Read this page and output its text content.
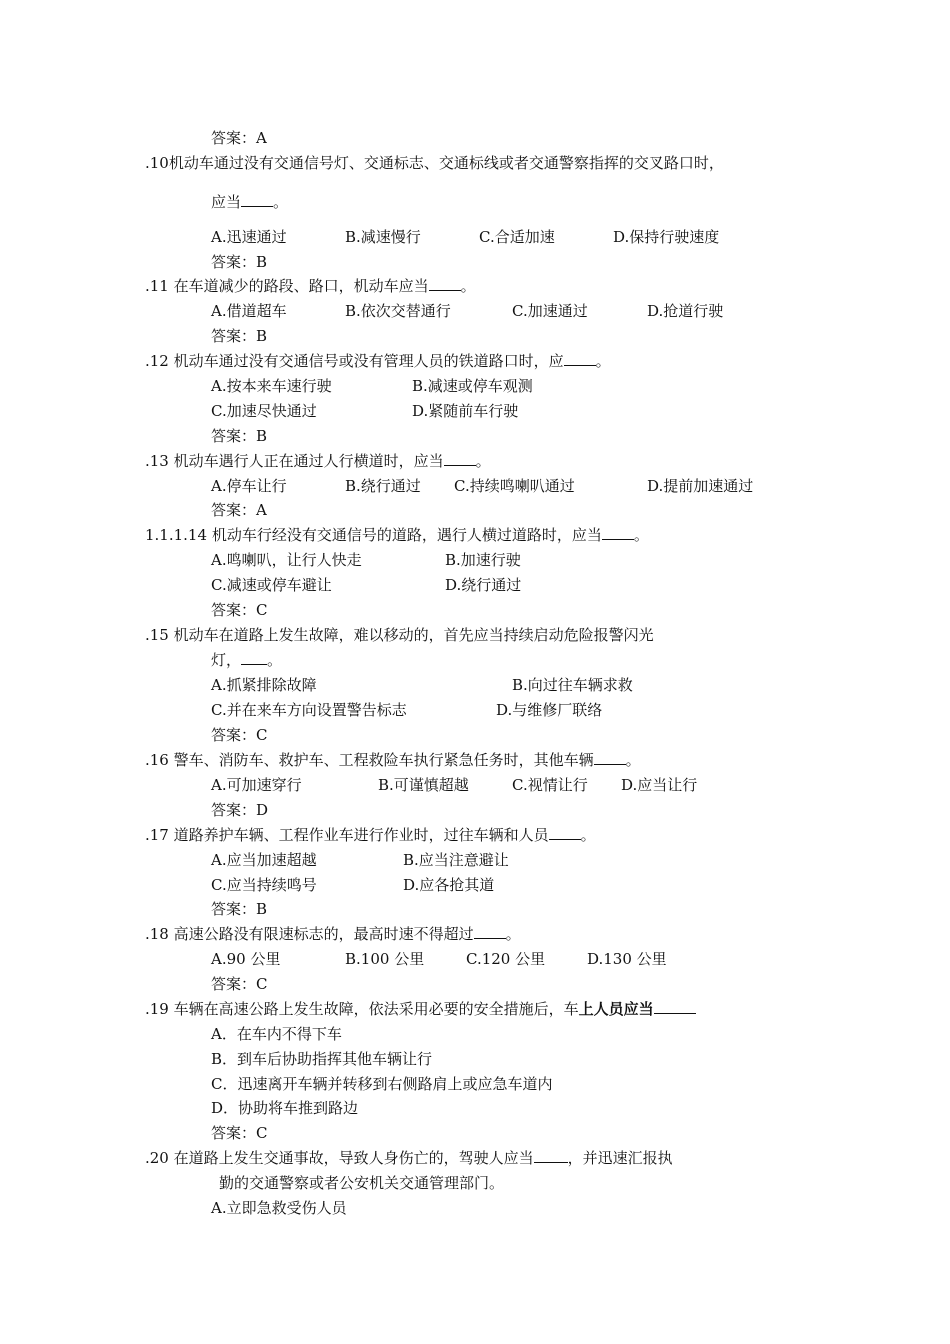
答案：A
.10机动车通过没有交通信号灯、交通标志、交通标线或者交通警察指挥的交叉路口时，
应当 。
A.迅速通过	B.减速慢行	C.合适加速	D.保持行驶速度
答案：B
.11 在车道减少的路段、路口，机动车应当 。
A.借道超车	B.依次交替通行	C.加速通过	D.抢道行驶
答案：B
.12 机动车通过没有交通信号或没有管理人员的铁道路口时，应 。
A.按本来车速行驶	B.减速或停车观测
C.加速尽快通过	D.紧随前车行驶
答案：B
.13 机动车遇行人正在通过人行横道时，应当 。
A.停车让行	B.绕行通过 C.持续鸣喇叭通过	D.提前加速通过
答案：A
1.1.1.14 机动车行经没有交通信号的道路，遇行人横过道路时，应当 。
A.鸣喇叭，让行人快走	B.加速行驶
C.减速或停车避让	D.绕行通过
答案：C
.15 机动车在道路上发生故障，难以移动的，首先应当持续启动危险报警闪光
灯， 。
A.抓紧排除故障	B.向过往车辆求救
C.并在来车方向设置警告标志	D.与维修厂联络
答案：C
.16 警车、消防车、救护车、工程救险车执行紧急任务时，其他车辆 。
A.可加速穿行	B.可谨慎超越	C.视情让行 D.应当让行
答案：D
.17 道路养护车辆、工程作业车进行作业时，过往车辆和人员 。
A.应当加速超越	B.应当注意避让
C.应当持续鸣号	D.应各抢其道
答案：B
.18 高速公路没有限速标志的，最高时速不得超过 。
A.90 公里	B.100 公里	C.120 公里	D.130 公里
答案：C
.19 车辆在高速公路上发生故障，依法采用必要的安全措施后，车上人员应当
A．在车内不得下车
B．到车后协助指挥其他车辆让行
C．迅速离开车辆并转移到右侧路肩上或应急车道内
D．协助将车推到路边
答案：C
.20 在道路上发生交通事故，导致人身伤亡的，驾驶人应当 ，并迅速汇报执
勤的交通警察或者公安机关交通管理部门。
A.立即急救受伤人员
